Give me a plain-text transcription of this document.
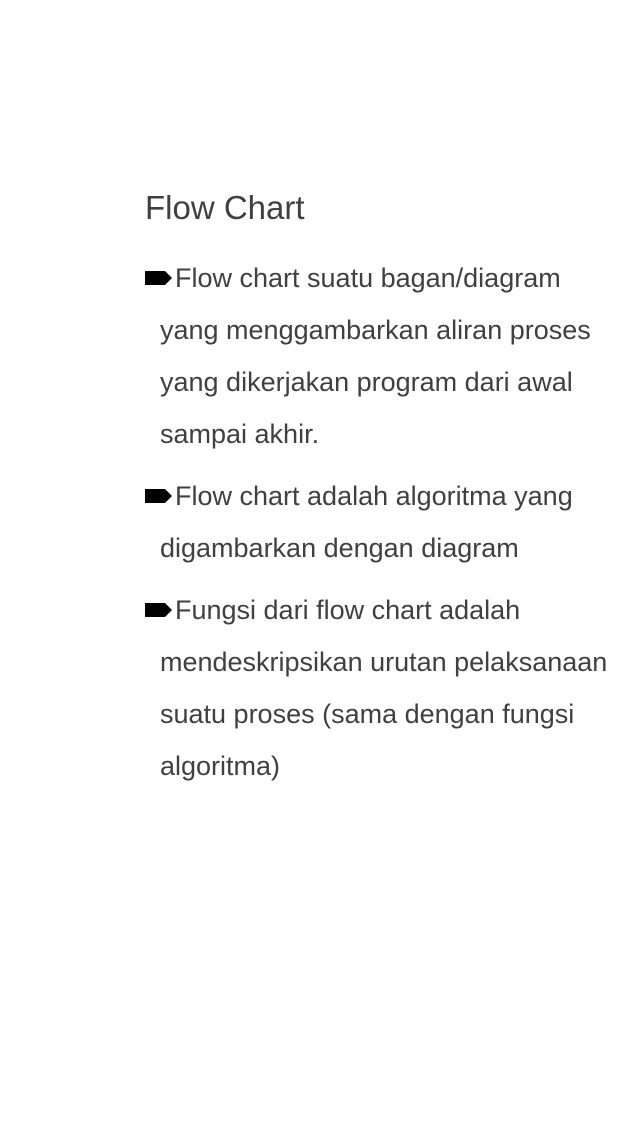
Flow Chart
Flow chart suatu bagan/diagram yang menggambarkan aliran proses yang dikerjakan program dari awal sampai akhir.
Flow chart adalah algoritma yang digambarkan dengan diagram
Fungsi dari flow chart adalah mendeskripsikan urutan pelaksanaan suatu proses (sama dengan fungsi algoritma)
